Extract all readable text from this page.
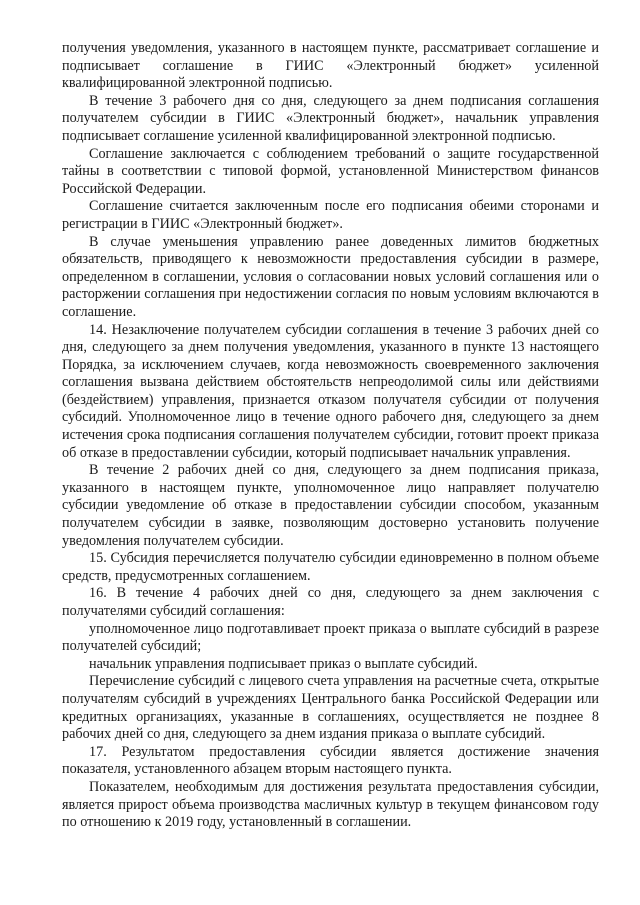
получения уведомления, указанного в настоящем пункте, рассматривает соглашение и подписывает соглашение в ГИИС «Электронный бюджет» усиленной квалифицированной электронной подписью.

В течение 3 рабочего дня со дня, следующего за днем подписания соглашения получателем субсидии в ГИИС «Электронный бюджет», начальник управления подписывает соглашение усиленной квалифицированной электронной подписью.

Соглашение заключается с соблюдением требований о защите государственной тайны в соответствии с типовой формой, установленной Министерством финансов Российской Федерации.

Соглашение считается заключенным после его подписания обеими сторонами и регистрации в ГИИС «Электронный бюджет».

В случае уменьшения управлению ранее доведенных лимитов бюджетных обязательств, приводящего к невозможности предоставления субсидии в размере, определенном в соглашении, условия о согласовании новых условий соглашения или о расторжении соглашения при недостижении согласия по новым условиям включаются в соглашение.

14. Незаключение получателем субсидии соглашения в течение 3 рабочих дней со дня, следующего за днем получения уведомления, указанного в пункте 13 настоящего Порядка, за исключением случаев, когда невозможность своевременного заключения соглашения вызвана действием обстоятельств непреодолимой силы или действиями (бездействием) управления, признается отказом получателя субсидии от получения субсидий. Уполномоченное лицо в течение одного рабочего дня, следующего за днем истечения срока подписания соглашения получателем субсидии, готовит проект приказа об отказе в предоставлении субсидии, который подписывает начальник управления.

В течение 2 рабочих дней со дня, следующего за днем подписания приказа, указанного в настоящем пункте, уполномоченное лицо направляет получателю субсидии уведомление об отказе в предоставлении субсидии способом, указанным получателем субсидии в заявке, позволяющим достоверно установить получение уведомления получателем субсидии.

15. Субсидия перечисляется получателю субсидии единовременно в полном объеме средств, предусмотренных соглашением.

16. В течение 4 рабочих дней со дня, следующего за днем заключения с получателями субсидий соглашения:

уполномоченное лицо подготавливает проект приказа о выплате субсидий в разрезе получателей субсидий;

начальник управления подписывает приказ о выплате субсидий.

Перечисление субсидий с лицевого счета управления на расчетные счета, открытые получателям субсидий в учреждениях Центрального банка Российской Федерации или кредитных организациях, указанные в соглашениях, осуществляется не позднее 8 рабочих дней со дня, следующего за днем издания приказа о выплате субсидий.

17. Результатом предоставления субсидии является достижение значения показателя, установленного абзацем вторым настоящего пункта.

Показателем, необходимым для достижения результата предоставления субсидии, является прирост объема производства масличных культур в текущем финансовом году по отношению к 2019 году, установленный в соглашении.
